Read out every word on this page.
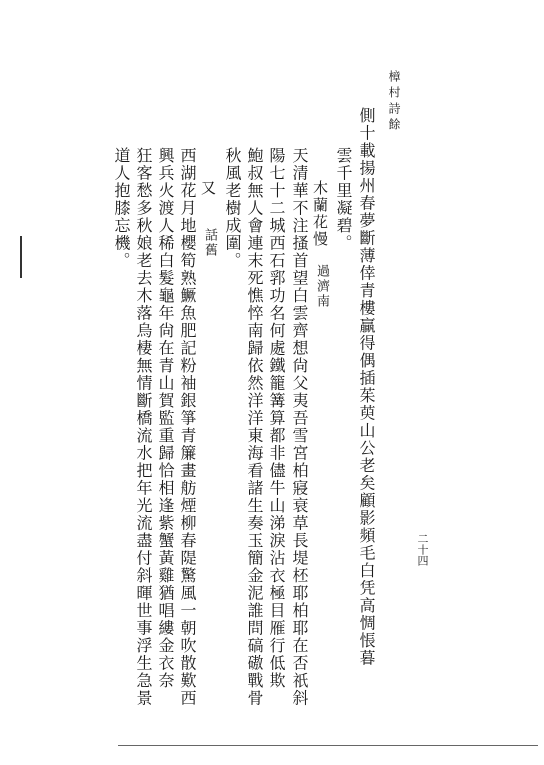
樟村詩餘
二十四
側十載揚州春夢斷薄倖青樓贏得偶插茱萸山公老矣顧影頻毛白凭高惆悵暮
雲千里凝碧。
木蘭花慢
過濟南
天清華不注搔首望白雲齊想尙父夷吾雪宮柏寢衰草長堤柸耶柏耶在否祇斜
陽七十二城西石郛功名何處鐵籠篝算都非儘牛山涕淚沾衣極目雁行低欺
鮑叔無人會連末死憔悴南歸依然洋洋東海看諸生奏玉簡金泥誰問碻磝戰骨
秋風老樹成圍。
又
話舊
西湖花月地櫻筍熟鱖魚肥記粉袖銀箏青簾畫舫煙柳春隄驚風一朝吹散歎西
興兵火渡人稀白髮龜年尙在青山賀監重歸恰相逢紫蟹黃雞猶唱縷金衣奈
狂客愁多秋娘老去木落烏棲無情斷橋流水把年光流盡付斜暉世事浮生急景
道人抱膝忘機。
